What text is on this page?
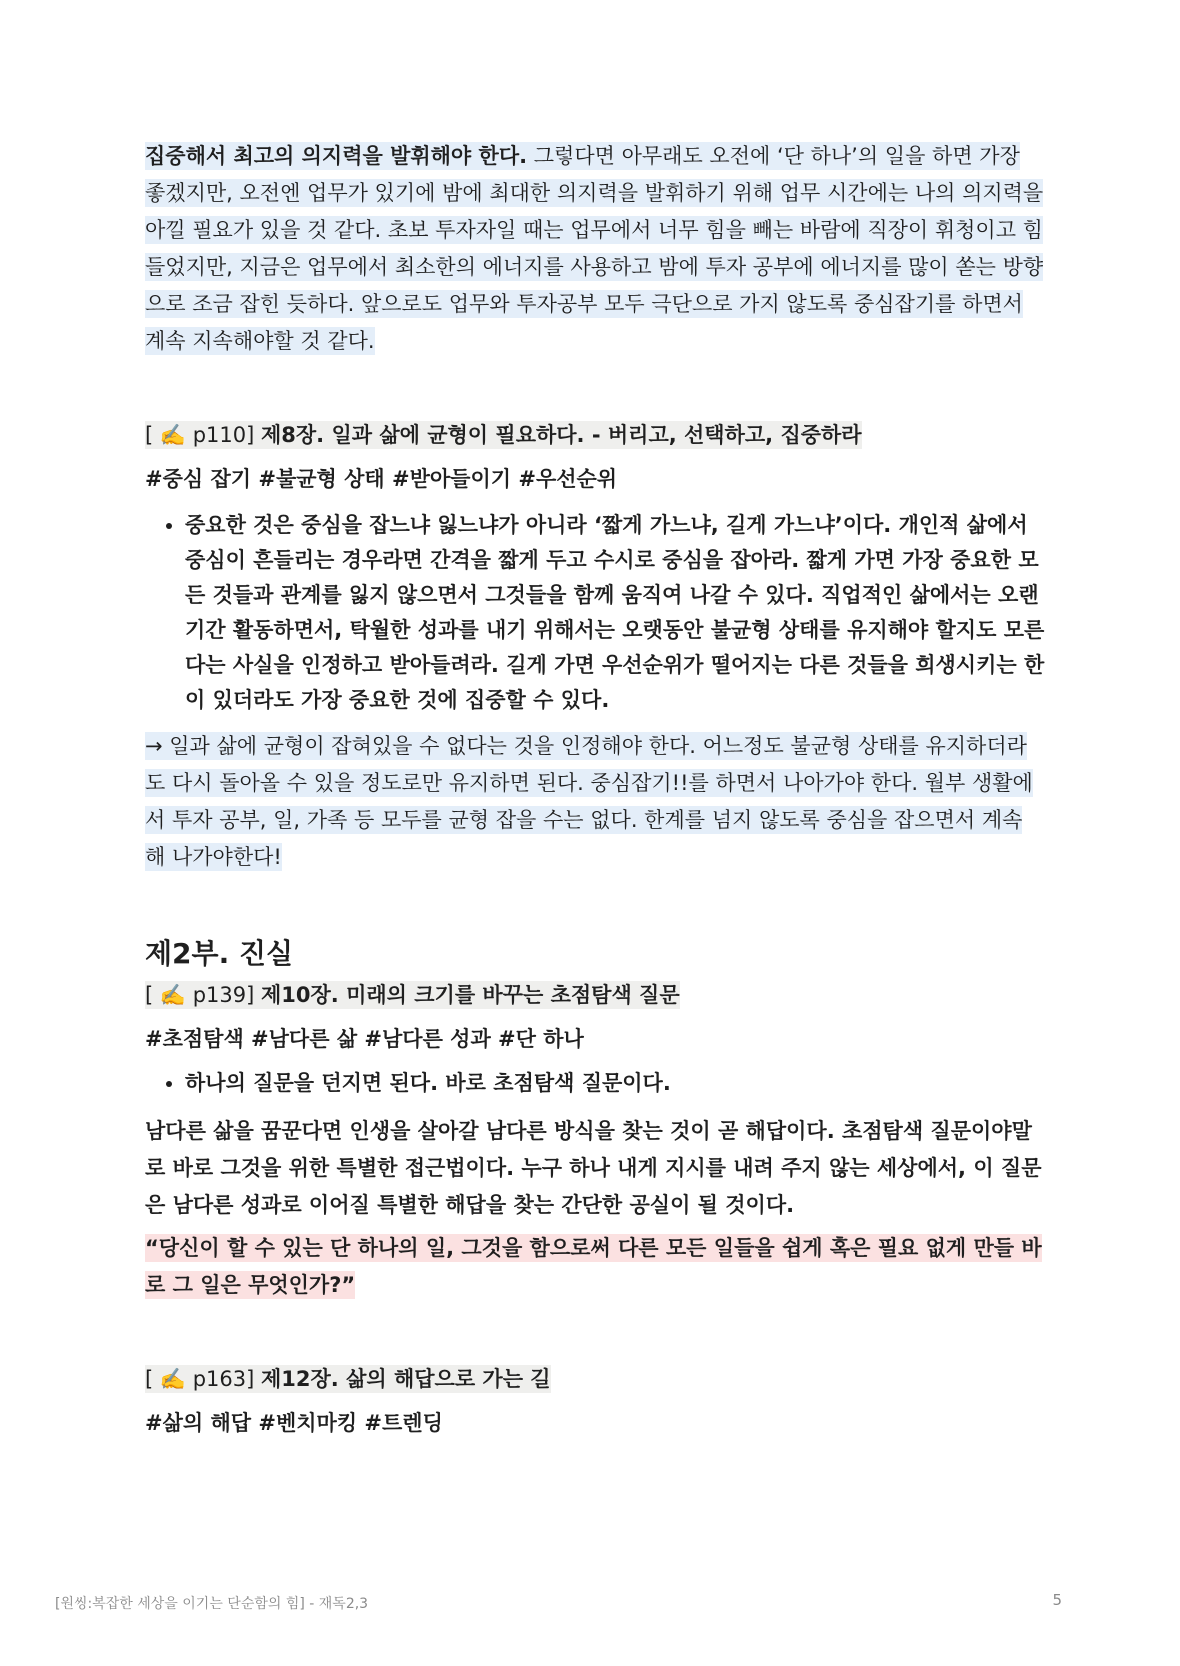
집중해서 최고의 의지력을 발휘해야 한다. 그렇다면 아무래도 오전에 ‘단 하나’의 일을 하면 가장 좋겠지만, 오전엔 업무가 있기에 밤에 최대한 의지력을 발휘하기 위해 업무 시간에는 나의 의지력을 아낄 필요가 있을 것 같다. 초보 투자자일 때는 업무에서 너무 힘을 빼는 바람에 직장이 휘청이고 힘들었지만, 지금은 업무에서 최소한의 에너지를 사용하고 밤에 투자 공부에 에너지를 많이 쏟는 방향으로 조금 잡힌 듯하다. 앞으로도 업무와 투자공부 모두 극단으로 가지 않도록 중심잡기를 하면서 계속 지속해야할 것 같다.

[ ✍️ p110] 제8장. 일과 삶에 균형이 필요하다. - 버리고, 선택하고, 집중하라

#중심 잡기 #불균형 상태 #받아들이기 #우선순위

• 중요한 것은 중심을 잡느냐 잃느냐가 아니라 ‘짧게 가느냐, 길게 가느냐’이다. 개인적 삶에서 중심이 흔들리는 경우라면 간격을 짧게 두고 수시로 중심을 잡아라. 짧게 가면 가장 중요한 모든 것들과 관계를 잃지 않으면서 그것들을 함께 움직여 나갈 수 있다. 직업적인 삶에서는 오랜 기간 활동하면서, 탁월한 성과를 내기 위해서는 오랫동안 불균형 상태를 유지해야 할지도 모른다는 사실을 인정하고 받아들려라. 길게 가면 우선순위가 떨어지는 다른 것들을 희생시키는 한이 있더라도 가장 중요한 것에 집중할 수 있다.

→ 일과 삶에 균형이 잡혀있을 수 없다는 것을 인정해야 한다. 어느정도 불균형 상태를 유지하더라도 다시 돌아올 수 있을 정도로만 유지하면 된다. 중심잡기!!를 하면서 나아가야 한다. 월부 생활에서 투자 공부, 일, 가족 등 모두를 균형 잡을 수는 없다. 한계를 넘지 않도록 중심을 잡으면서 계속 해 나가야한다!

제2부. 진실

[ ✍️ p139] 제10장. 미래의 크기를 바꾸는 초점탐색 질문

#초점탐색 #남다른 삶 #남다른 성과 #단 하나

• 하나의 질문을 던지면 된다. 바로 초점탐색 질문이다.

남다른 삶을 꿈꾼다면 인생을 살아갈 남다른 방식을 찾는 것이 곧 해답이다. 초점탐색 질문이야말로 바로 그것을 위한 특별한 접근법이다. 누구 하나 내게 지시를 내려 주지 않는 세상에서, 이 질문은 남다른 성과로 이어질 특별한 해답을 찾는 간단한 공실이 될 것이다.

“당신이 할 수 있는 단 하나의 일, 그것을 함으로써 다른 모든 일들을 쉽게 혹은 필요 없게 만들 바로 그 일은 무엇인가?”

[ ✍️ p163] 제12장. 삶의 해답으로 가는 길

#삶의 해답 #벤치마킹 #트렌딩

[원씽:복잡한 세상을 이기는 단순함의 힘] - 재독2,3	5
